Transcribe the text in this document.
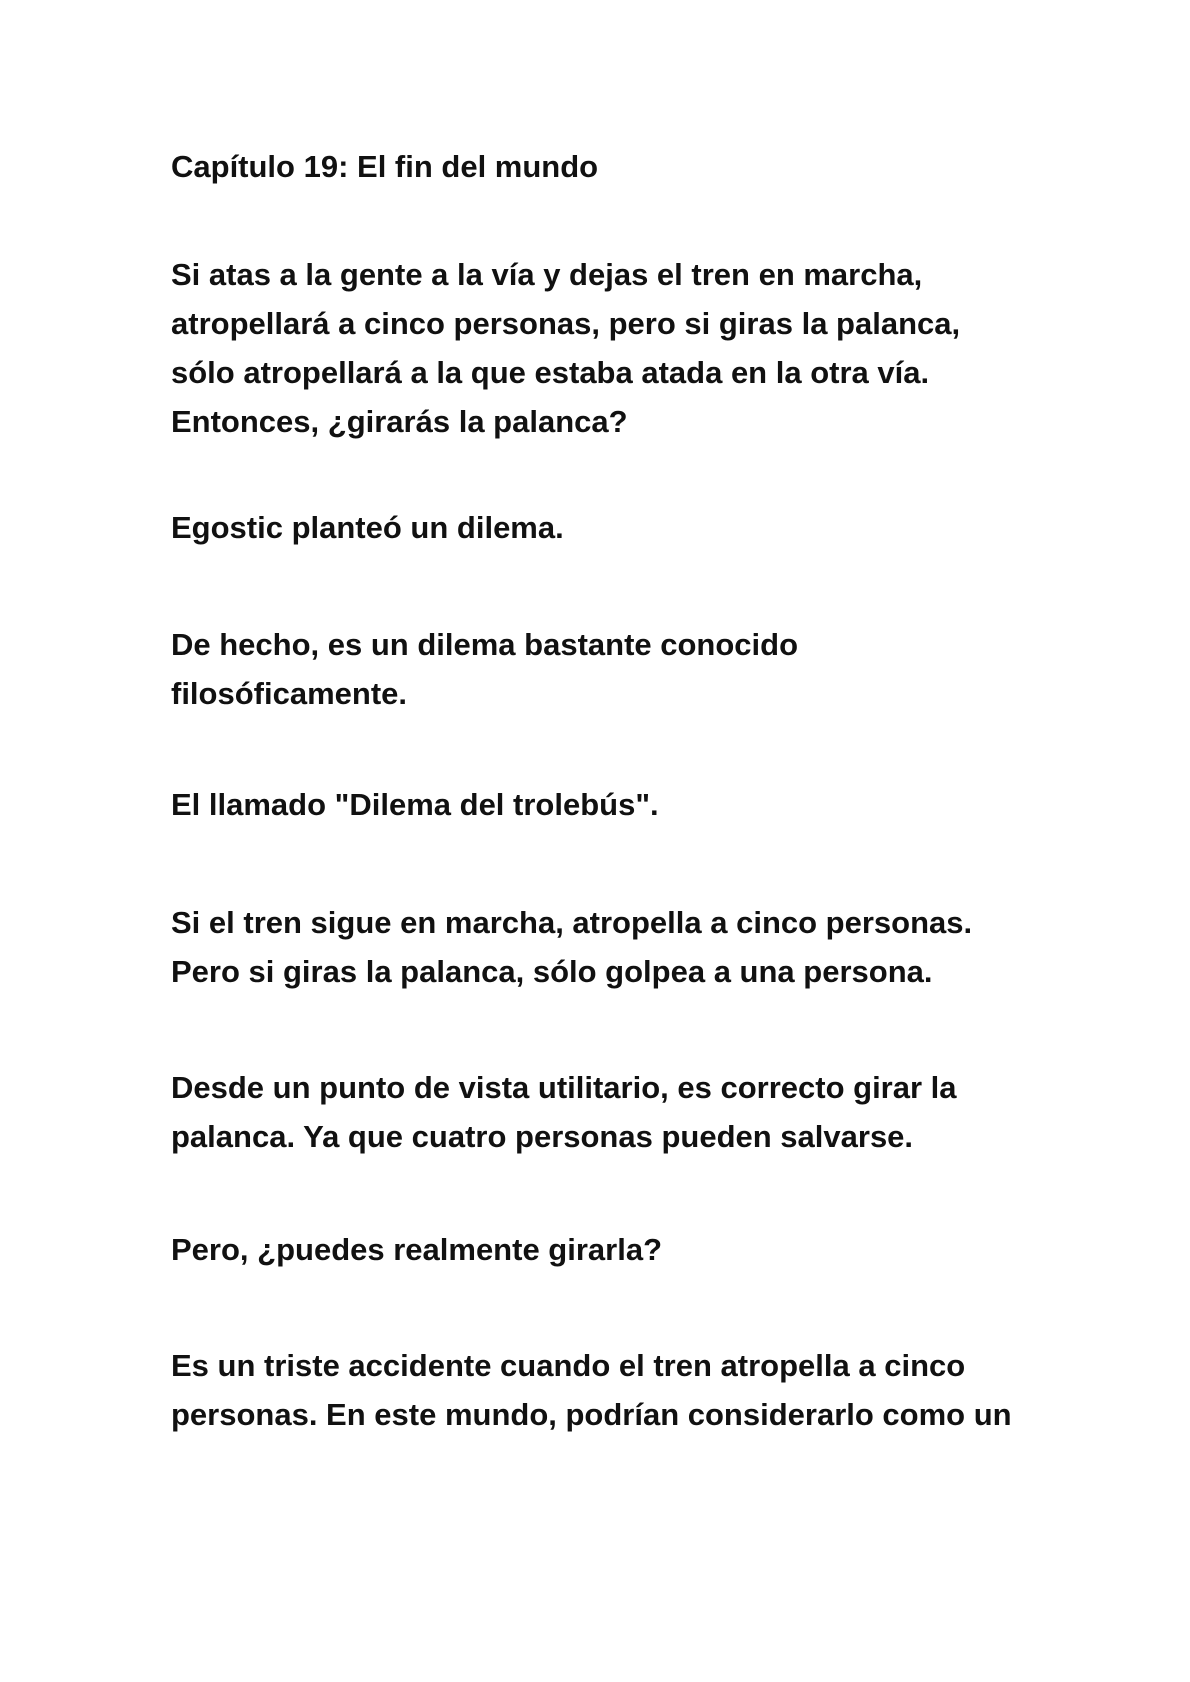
Capítulo 19: El fin del mundo

Si atas a la gente a la vía y dejas el tren en marcha,
atropellará a cinco personas, pero si giras la palanca,
sólo atropellará a la que estaba atada en la otra vía.
Entonces, ¿girarás la palanca?

Egostic planteó un dilema.

De hecho, es un dilema bastante conocido
filosóficamente.

El llamado "Dilema del trolebús".

Si el tren sigue en marcha, atropella a cinco personas.
Pero si giras la palanca, sólo golpea a una persona.

Desde un punto de vista utilitario, es correcto girar la
palanca. Ya que cuatro personas pueden salvarse.

Pero, ¿puedes realmente girarla?

Es un triste accidente cuando el tren atropella a cinco
personas. En este mundo, podrían considerarlo como un
